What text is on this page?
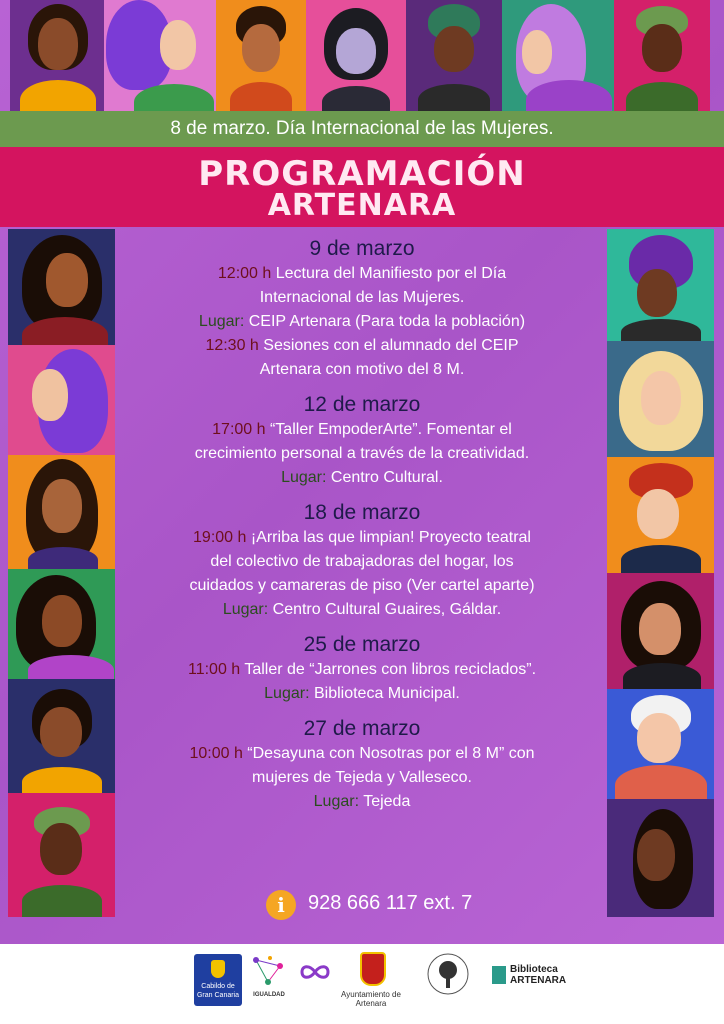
8 de marzo. Día Internacional de las Mujeres.
PROGRAMACIÓN
ARTENARA

9 de marzo

12:00 h Lectura del Manifiesto por el Día

Internacional de las Mujeres.

Lugar: CEIP Artenara (Para toda la población)

12:30 h Sesiones con el alumnado del CEIP

Artenara con motivo del 8 M.

12 de marzo

17:00 h “Taller EmpoderArte”. Fomentar el

crecimiento personal a través de la creatividad.

Lugar: Centro Cultural.

18 de marzo

19:00 h ¡Arriba las que limpian! Proyecto teatral

del colectivo de trabajadoras del hogar, los

cuidados y camareras de piso (Ver cartel aparte)

Lugar: Centro Cultural Guaires, Gáldar.

25 de marzo

11:00 h Taller de “Jarrones con libros reciclados”.

Lugar: Biblioteca Municipal.

27 de marzo

10:00 h “Desayuna con Nosotras por el 8 M” con

mujeres de Tejeda y Valleseco.

Lugar: Tejeda

i	928 666 117 ext. 7
Cabildo de
Gran Canaria	IGUALDAD	Ayuntamiento de Artenara
Biblioteca
ARTENARA
